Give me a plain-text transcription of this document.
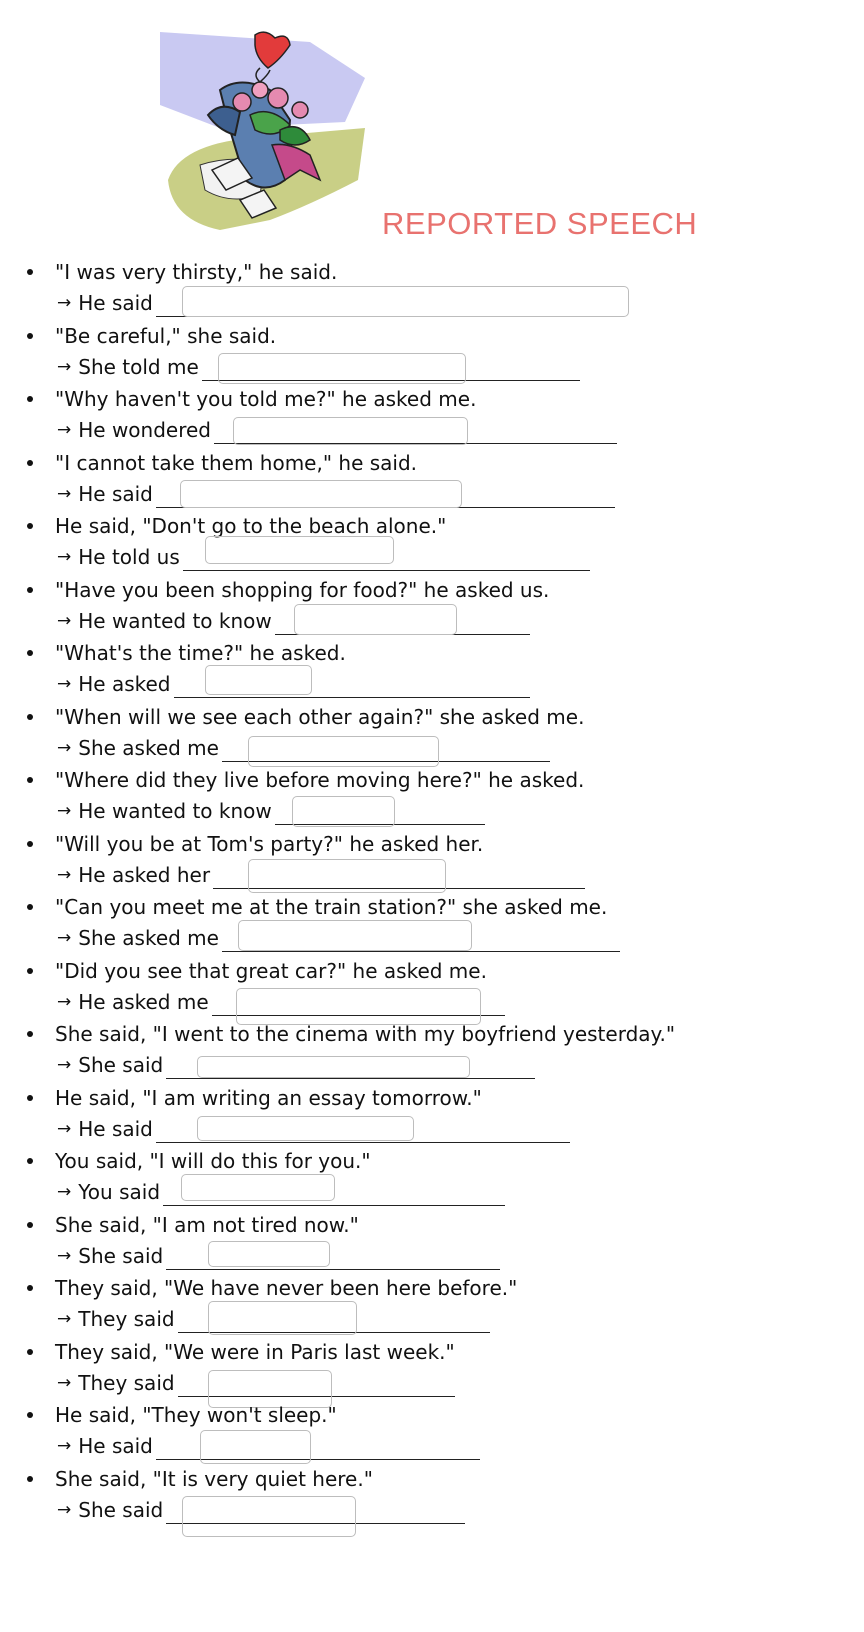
REPORTED SPEECH
"I was very thirsty," he said.
→ He said
"Be careful," she said.
→ She told me
"Why haven't you told me?" he asked me.
→ He wondered
"I cannot take them home," he said.
→ He said
He said, "Don't go to the beach alone."
→ He told us
"Have you been shopping for food?" he asked us.
→ He wanted to know
"What's the time?" he asked.
→ He asked
"When will we see each other again?" she asked me.
→ She asked me
"Where did they live before moving here?" he asked.
→ He wanted to know
"Will you be at Tom's party?" he asked her.
→ He asked her
"Can you meet me at the train station?" she asked me.
→ She asked me
"Did you see that great car?" he asked me.
→ He asked me
She said, "I went to the cinema with my boyfriend yesterday."
→ She said
He said, "I am writing an essay tomorrow."
→ He said
You said, "I will do this for you."
→ You said
She said, "I am not tired now."
→ She said
They said, "We have never been here before."
→ They said
They said, "We were in Paris last week."
→ They said
He said, "They won't sleep."
→ He said
She said, "It is very quiet here."
→ She said
